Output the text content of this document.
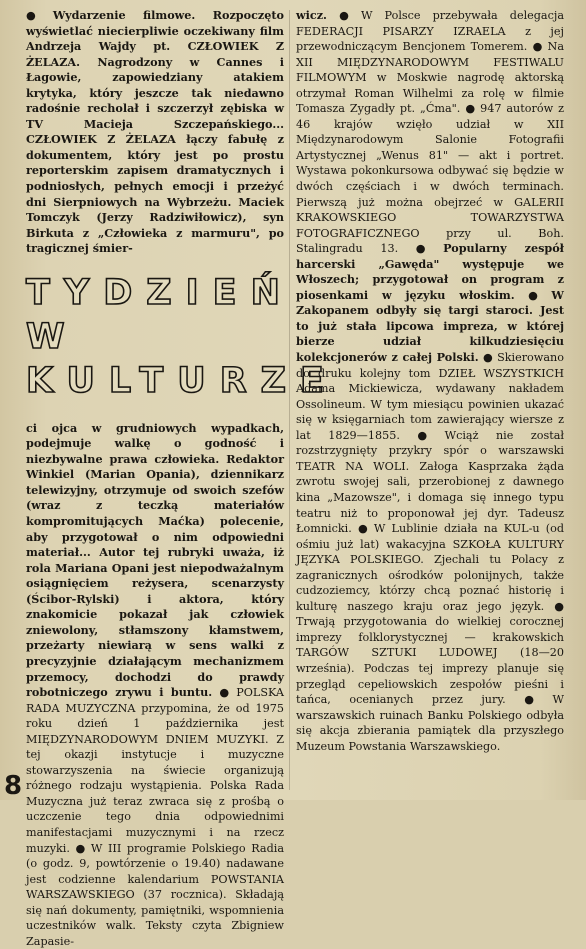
● Wydarzenie filmowe. Rozpoczęto wyświetlać niecierpliwie oczekiwany film Andrzeja Wajdy pt. CZŁOWIEK Z ŻELAZA. Nagrodzony w Cannes i Łagowie, zapowiedziany atakiem krytyka, który jeszcze tak niedawno radośnie recholał i szczerzył zębiska w TV Macieja Szczepańskiego... CZŁOWIEK Z ŻELAZA łączy fabułę z dokumentem, który jest po prostu reporterskim zapisem dramatycznych i podniosłych, pełnych emocji i przeżyć dni Sierpniowych na Wybrzeżu. Maciek Tomczyk (Jerzy Radziwiłowicz), syn Birkuta z „Człowieka z marmuru", po tragicznej śmier-

TYDZIEŃ
W KULTURZE

ci ojca w grudniowych wypadkach, podejmuje walkę o godność i niezbywalne prawa człowieka. Redaktor Winkiel (Marian Opania), dziennikarz telewizyjny, otrzymuje od swoich szefów (wraz z teczką materiałów kompromitujących Maćka) polecenie, aby przygotował o nim odpowiedni materiał... Autor tej rubryki uważa, iż rola Mariana Opani jest niepodważalnym osiągnięciem reżysera, scenarzysty (Ścibor-Rylski) i aktora, który znakomicie pokazał jak człowiek zniewolony, stłamszony kłamstwem, przeżarty niewiarą w sens walki z precyzyjnie działającym mechanizmem przemocy, dochodzi do prawdy robotniczego zrywu i buntu. ● POLSKA RADA MUZYCZNA przypomina, że od 1975 roku dzień 1 października jest MIĘDZYNARODOWYM DNIEM MUZYKI. Z tej okazji instytucje i muzyczne stowarzyszenia na świecie organizują różnego rodzaju wystąpienia. Polska Rada Muzyczna już teraz zwraca się z prośbą o uczczenie tego dnia odpowiednimi manifestacjami muzycznymi i na rzecz muzyki. ● W III programie Polskiego Radia (o godz. 9, powtórzenie o 19.40) nadawane jest codzienne kalendarium POWSTANIA WARSZAWSKIEGO (37 rocznica). Składają się nań dokumenty, pamiętniki, wspomnienia uczestników walk. Teksty czyta Zbigniew Zapasie-

wicz. ● W Polsce przebywała delegacja FEDERACJI PISARZY IZRAELA z jej przewodniczącym Bencjonem Tomerem. ● Na XII MIĘDZYNARODOWYM FESTIWALU FILMOWYM w Moskwie nagrodę aktorską otrzymał Roman Wilhelmi za rolę w filmie Tomasza Zygadły pt. „Ćma". ● 947 autorów z 46 krajów wzięło udział w XII Międzynarodowym Salonie Fotografii Artystycznej „Wenus 81" — akt i portret. Wystawa pokonkursowa odbywać się będzie w dwóch częściach i w dwóch terminach. Pierwszą już można obejrzeć w GALERII KRAKOWSKIEGO TOWARZYSTWA FOTOGRAFICZNEGO przy ul. Boh. Stalingradu 13. ● Popularny zespół harcerski „Gawęda" występuje we Włoszech; przygotował on program z piosenkami w języku włoskim. ● W Zakopanem odbyły się targi staroci. Jest to już stała lipcowa impreza, w której bierze udział kilkudziesięciu kolekcjonerów z całej Polski. ● Skierowano do druku kolejny tom DZIEŁ WSZYSTKICH Adama Mickiewicza, wydawany nakładem Ossolineum. W tym miesiącu powinien ukazać się w księgarniach tom zawierający wiersze z lat 1829—1855. ● Wciąż nie został rozstrzygnięty przykry spór o warszawski TEATR NA WOLI. Załoga Kasprzaka żąda zwrotu swojej sali, przerobionej z dawnego kina „Mazowsze", i domaga się innego typu teatru niż to proponował jej dyr. Tadeusz Łomnicki. ● W Lublinie działa na KUL-u (od ośmiu już lat) wakacyjna SZKOŁA KULTURY JĘZYKA POLSKIEGO. Zjechali tu Polacy z zagranicznych ośrodków polonijnych, także cudzoziemcy, którzy chcą poznać historię i kulturę naszego kraju oraz jego język. ● Trwają przygotowania do wielkiej corocznej imprezy folklorystycznej — krakowskich TARGÓW SZTUKI LUDOWEJ (18—20 września). Podczas tej imprezy planuje się przegląd cepeliowskich zespołów pieśni i tańca, ocenianych przez jury. ● W warszawskich ruinach Banku Polskiego odbyła się akcja zbierania pamiątek dla przyszłego Muzeum Powstania Warszawskiego.

8
